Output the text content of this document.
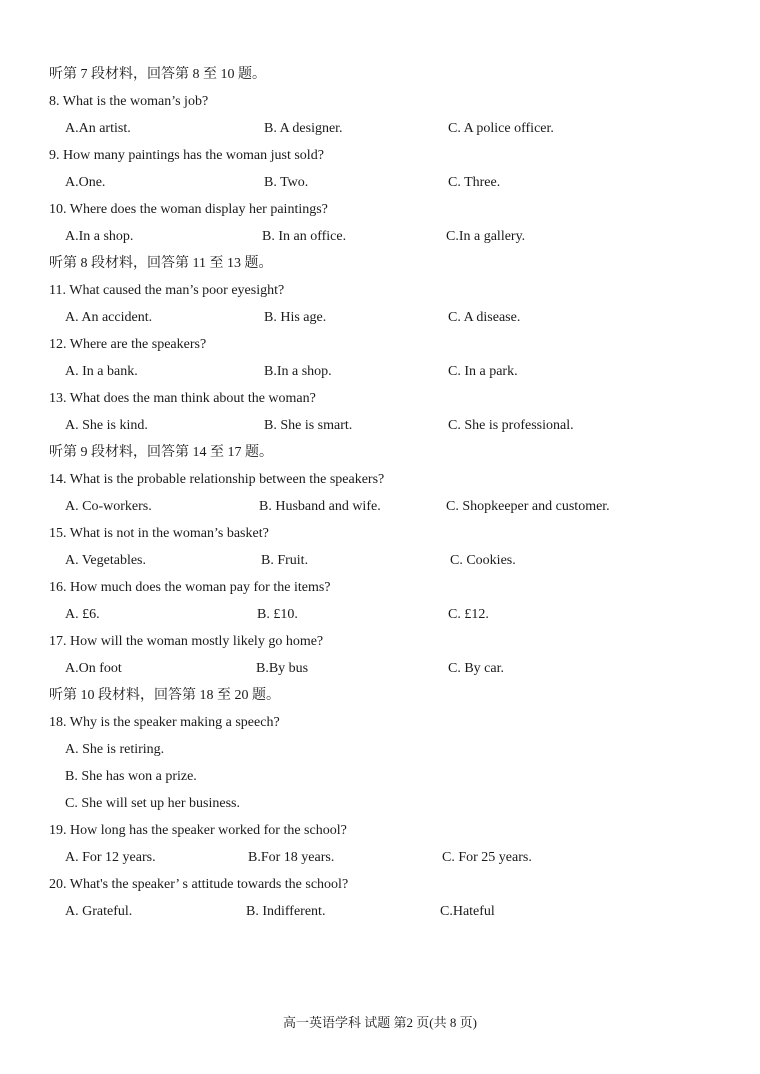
听第 7 段材料，回答第 8 至 10 题。
8. What is the woman’s job?
A.An artist.	B. A designer.	C. A police officer.
9. How many paintings has the woman just sold?
A.One.	B. Two.	C. Three.
10. Where does the woman display her paintings?
A.In a shop.	B. In an office.	C.In a gallery.
听第 8 段材料，回答第 11 至 13 题。
11. What caused the man’s poor eyesight?
A. An accident.	B. His age.	C. A disease.
12. Where are the speakers?
A. In a bank.	B.In a shop.	C. In a park.
13. What does the man think about the woman?
A. She is kind.	B. She is smart.	C. She is professional.
听第 9 段材料，回答第 14 至 17 题。
14. What is the probable relationship between the speakers?
A. Co-workers.	B. Husband and wife.	C. Shopkeeper and customer.
15. What is not in the woman’s basket?
A. Vegetables.	B. Fruit.	C. Cookies.
16. How much does the woman pay for the items?
A. £6.	B. £10.	C. £12.
17. How will the woman mostly likely go home?
A.On foot	B.By bus	C. By car.
听第 10 段材料，回答第 18 至 20 题。
18. Why is the speaker making a speech?
A. She is retiring.
B. She has won a prize.
C. She will set up her business.
19. How long has the speaker worked for the school?
A. For 12 years.	B.For 18 years.	C. For 25 years.
20. What's the speaker’ s attitude towards the school?
A. Grateful.	B. Indifferent.	C.Hateful
高一英语学科 试题 第2 页(共 8 页)
